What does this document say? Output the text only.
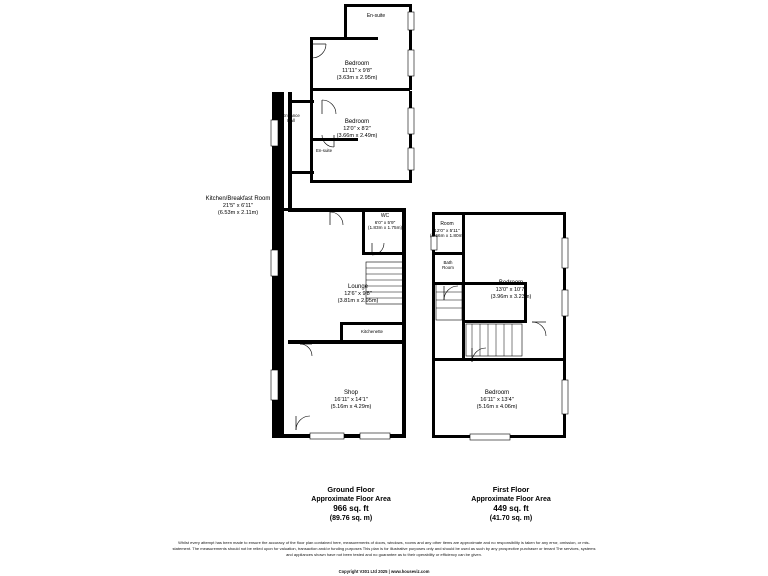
Kitchen/Breakfast Room
21'5" x 6'11"
(6.53m x 2.11m)
WC
6'0" x 5'9"
(1.83m x 1.75m)
Lounge
12'6" x 9'8"
(3.81m x 2.95m)
Shop
16'11" x 14'1"
(5.16m x 4.29m)
Kitchenette
En-suite
Bedroom
11'11" x 9'8"
(3.63m x 2.95m)
Entrance Hall	Bedroom
12'0" x 8'2"
(3.66m x 2.49m)
En-suite
Room
12'0" x 5'11"
(3.66m x 1.80m)
Bath Room
Bedroom
13'0" x 10'7"
(3.96m x 3.23m)
Bedroom
16'11" x 13'4"
(5.16m x 4.06m)
Ground Floor
Approximate Floor Area
966 sq. ft
(89.76 sq. m)
First Floor
Approximate Floor Area
449 sq. ft
(41.70 sq. m)
Whilst every attempt has been made to ensure the accuracy of the floor plan contained here, measurements of doors, windows, rooms and any other items are approximate and no responsibility is taken for any error, omission, or mis-statement. The measurements should not be relied upon for valuation, transaction and/or funding purposes This plan is for illustrative purposes only and should be used as such by any prospective purchaser or tenant The services, systems and appliances shown have not been tested and no guarantee as to their operability or efficiency can be given.
Copyright V301 Ltd 2025 | www.houseviz.com
